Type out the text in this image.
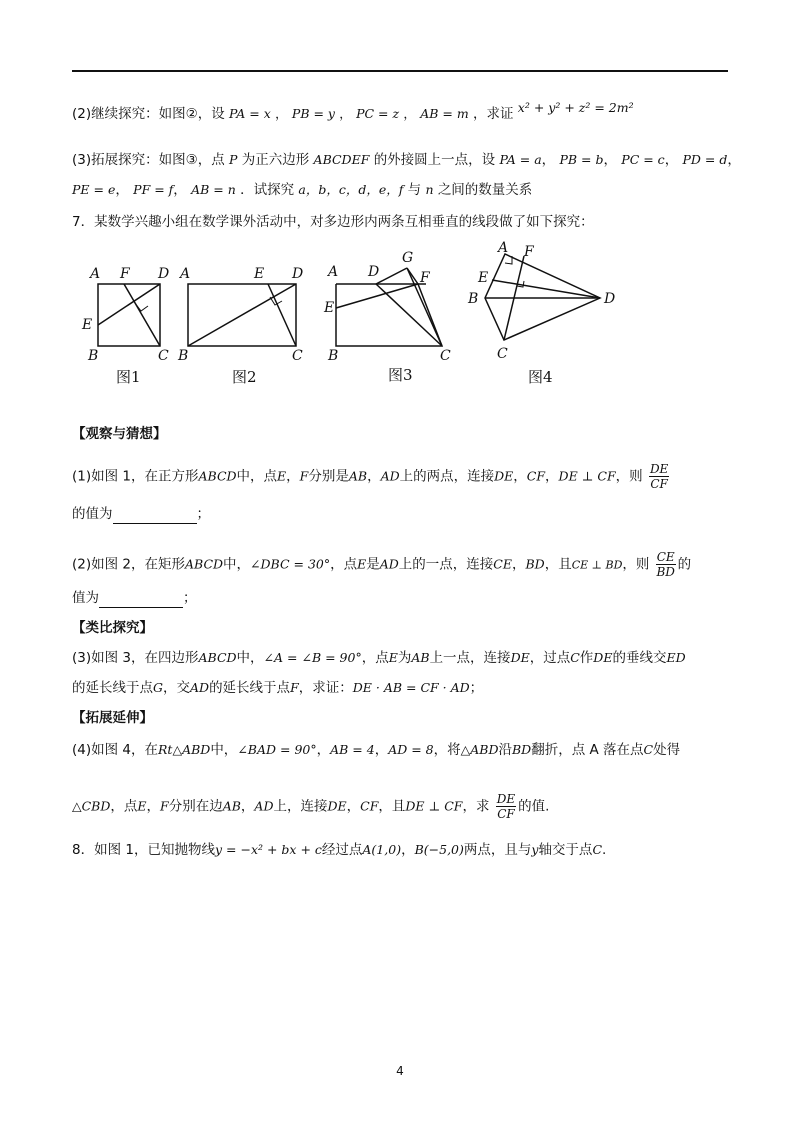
(2)继续探究：如图②，设 PA = x ， PB = y ， PC = z ， AB = m ，求证 x² + y² + z² = 2m²
(3)拓展探究：如图③，点 P 为正六边形 ABCDEF 的外接圆上一点，设 PA = a， PB = b， PC = c， PD = d，
PE = e， PF = f， AB = n ．试探究 a，b，c，d，e，f 与 n 之间的数量关系
7．某数学兴趣小组在数学课外活动中，对多边形内两条互相垂直的线段做了如下探究：
A F D
E
B	C
A	E D
B	C
A D
G
F
E
B	C
A F
E
B	D
C
图1	图2	图3	图4
【观察与猜想】
(1)如图 1，在正方形ABCD中，点E，F分别是AB，AD上的两点，连接DE，CF，DE ⊥ CF，则 $\frac{DE}{CF}$
的值为	；
(2)如图 2，在矩形ABCD中，∠DBC = 30°，点E是AD上的一点，连接CE，BD，且CE ⊥ BD，则 $\frac{CE}{BD}$ 的
值为	；
【类比探究】
(3)如图 3，在四边形ABCD中，∠A = ∠B = 90°，点E为AB上一点，连接DE，过点C作DE的垂线交ED
的延长线于点G，交AD的延长线于点F，求证：DE · AB = CF · AD；
【拓展延伸】
(4)如图 4，在Rt△ABD中，∠BAD = 90°，AB = 4，AD = 8，将△ABD沿BD翻折，点 A 落在点C处得
△CBD，点E，F分别在边AB，AD上，连接DE，CF，且DE ⊥ CF，求 $\frac{DE}{CF}$ 的值.
8．如图 1，已知抛物线y = −x² + bx + c经过点A(1,0)，B(−5,0)两点，且与y轴交于点C.
4
